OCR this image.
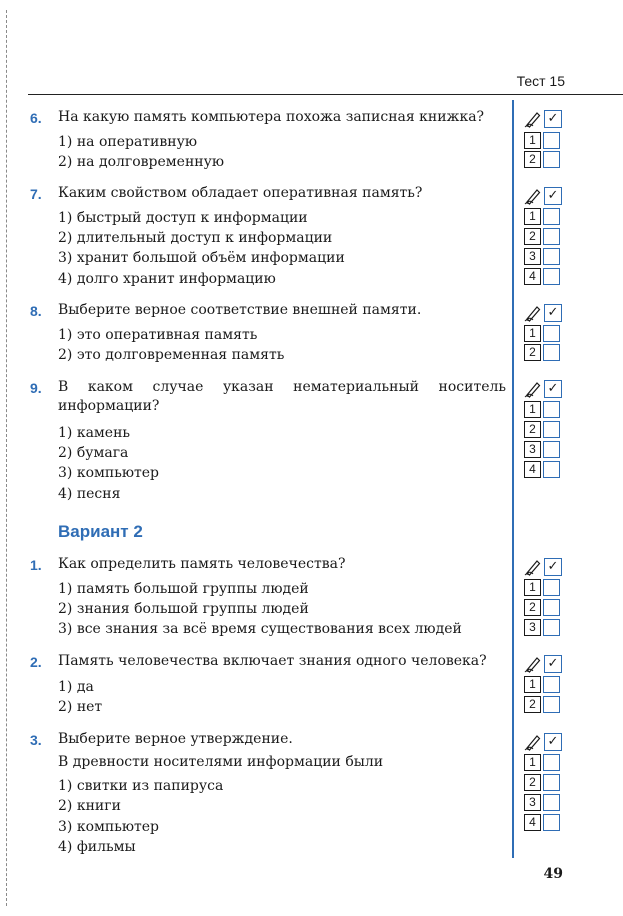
Тест 15
6. На какую память компьютера похожа записная книжка?
1) на оперативную
2) на долговременную
7. Каким свойством обладает оперативная память?
1) быстрый доступ к информации
2) длительный доступ к информации
3) хранит большой объём информации
4) долго хранит информацию
8. Выберите верное соответствие внешней памяти.
1) это оперативная память
2) это долговременная память
9. В каком случае указан нематериальный носитель информации?
1) камень
2) бумага
3) компьютер
4) песня
Вариант 2
1. Как определить память человечества?
1) память большой группы людей
2) знания большой группы людей
3) все знания за всё время существования всех людей
2. Память человечества включает знания одного человека?
1) да
2) нет
3. Выберите верное утверждение.
В древности носителями информации были
1) свитки из папируса
2) книги
3) компьютер
4) фильмы
✓
1
2
✓
1
2
3
4
✓
1
2
✓
1
2
3
4
✓
1
2
3
✓
1
2
✓
1
2
3
4
49
